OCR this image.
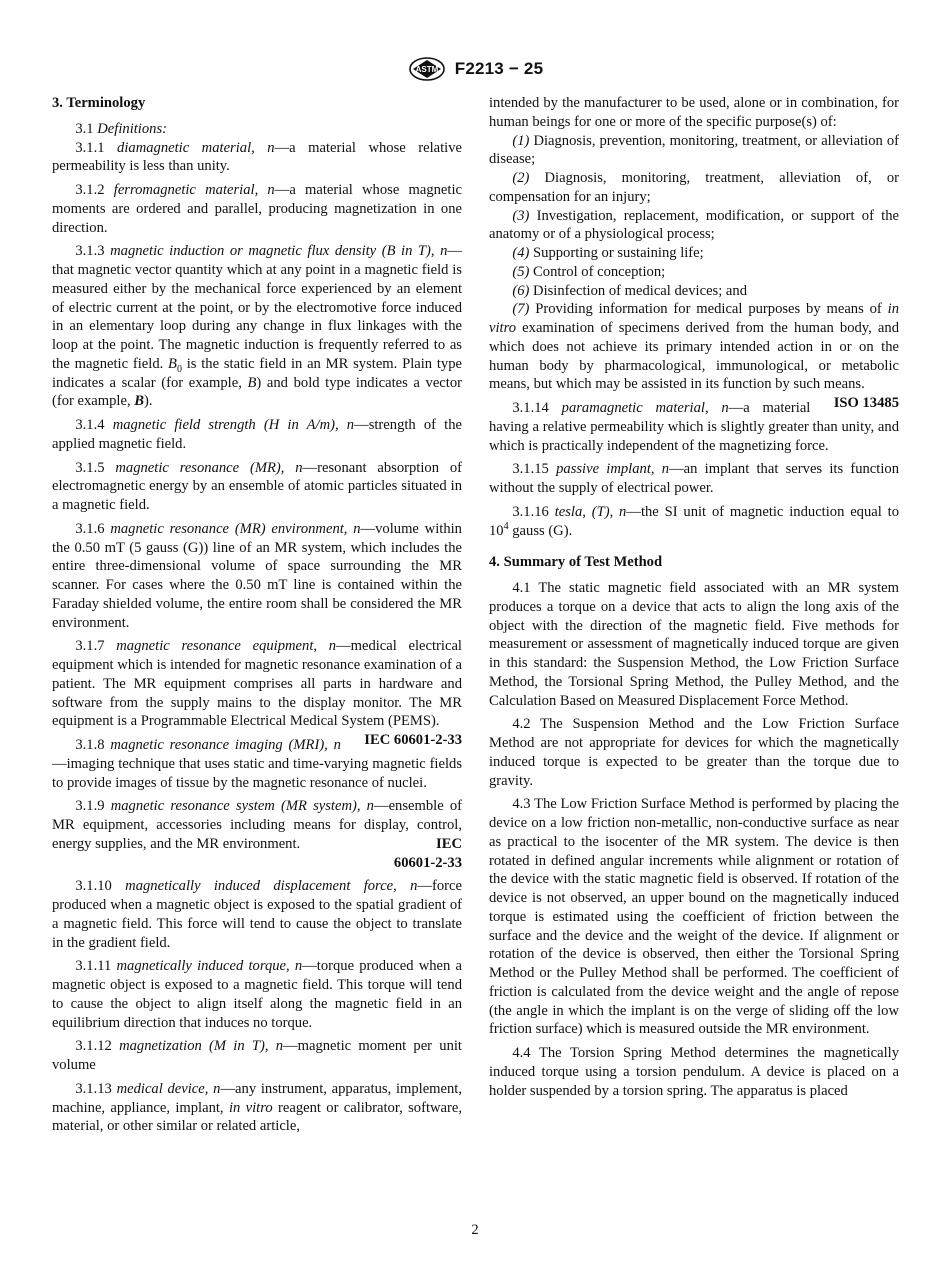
ASTM F2213 − 25
3. Terminology

3.1 Definitions:

3.1.1 diamagnetic material, n—a material whose relative permeability is less than unity.

3.1.2 ferromagnetic material, n—a material whose magnetic moments are ordered and parallel, producing magnetization in one direction.

3.1.3 magnetic induction or magnetic flux density (B in T), n—that magnetic vector quantity which at any point in a magnetic field is measured either by the mechanical force experienced by an element of electric current at the point, or by the electromotive force induced in an elementary loop during any change in flux linkages with the loop at the point. The magnetic induction is frequently referred to as the magnetic field. $B_0$ is the static field in an MR system. Plain type indicates a scalar (for example, B) and bold type indicates a vector (for example, B).

3.1.4 magnetic field strength (H in A/m), n—strength of the applied magnetic field.

3.1.5 magnetic resonance (MR), n—resonant absorption of electromagnetic energy by an ensemble of atomic particles situated in a magnetic field.

3.1.6 magnetic resonance (MR) environment, n—volume within the 0.50 mT (5 gauss (G)) line of an MR system, which includes the entire three-dimensional volume of space surrounding the MR scanner. For cases where the 0.50 mT line is contained within the Faraday shielded volume, the entire room shall be considered the MR environment.

3.1.7 magnetic resonance equipment, n—medical electrical equipment which is intended for magnetic resonance examination of a patient. The MR equipment comprises all parts in hardware and software from the supply mains to the display monitor. The MR equipment is a Programmable Electrical Medical System (PEMS).
IEC 60601-2-33

3.1.8 magnetic resonance imaging (MRI), n—imaging technique that uses static and time-varying magnetic fields to provide images of tissue by the magnetic resonance of nuclei.

3.1.9 magnetic resonance system (MR system), n—ensemble of MR equipment, accessories including means for display, control, energy supplies, and the MR environment.	IEC

60601-2-33

3.1.10 magnetically induced displacement force, n—force produced when a magnetic object is exposed to the spatial gradient of a magnetic field. This force will tend to cause the object to translate in the gradient field.

3.1.11 magnetically induced torque, n—torque produced when a magnetic object is exposed to a magnetic field. This torque will tend to cause the object to align itself along the magnetic field in an equilibrium direction that induces no torque.

3.1.12 magnetization (M in T), n—magnetic moment per unit volume

3.1.13 medical device, n—any instrument, apparatus, implement, machine, appliance, implant, in vitro reagent or calibrator, software, material, or other similar or related article,

intended by the manufacturer to be used, alone or in combination, for human beings for one or more of the specific purpose(s) of:

(1) Diagnosis, prevention, monitoring, treatment, or alleviation of disease;

(2) Diagnosis, monitoring, treatment, alleviation of, or compensation for an injury;

(3) Investigation, replacement, modification, or support of the anatomy or of a physiological process;

(4) Supporting or sustaining life;

(5) Control of conception;

(6) Disinfection of medical devices; and

(7) Providing information for medical purposes by means of in vitro examination of specimens derived from the human body, and which does not achieve its primary intended action in or on the human body by pharmacological, immunological, or metabolic means, but which may be assisted in its function by such means.
ISO 13485

3.1.14 paramagnetic material, n—a material having a relative permeability which is slightly greater than unity, and which is practically independent of the magnetizing force.

3.1.15 passive implant, n—an implant that serves its function without the supply of electrical power.

3.1.16 tesla, (T), n—the SI unit of magnetic induction equal to $10^4$ gauss (G).

4. Summary of Test Method

4.1 The static magnetic field associated with an MR system produces a torque on a device that acts to align the long axis of the object with the direction of the magnetic field. Five methods for measurement or assessment of magnetically induced torque are given in this standard: the Suspension Method, the Low Friction Surface Method, the Torsional Spring Method, the Pulley Method, and the Calculation Based on Measured Displacement Force Method.

4.2 The Suspension Method and the Low Friction Surface Method are not appropriate for devices for which the magnetically induced torque is expected to be greater than the torque due to gravity.

4.3 The Low Friction Surface Method is performed by placing the device on a low friction non-metallic, non-conductive surface as near as practical to the isocenter of the MR system. The device is then rotated in defined angular increments while alignment or rotation of the device with the static magnetic field is observed. If rotation of the device is not observed, an upper bound on the magnetically induced torque is estimated using the coefficient of friction between the surface and the device and the weight of the device. If alignment or rotation of the device is observed, then either the Torsional Spring Method or the Pulley Method shall be performed. The coefficient of friction is calculated from the device weight and the angle of repose (the angle in which the implant is on the verge of sliding off the low friction surface) which is measured outside the MR environment.

4.4 The Torsion Spring Method determines the magnetically induced torque using a torsion pendulum. A device is placed on a holder suspended by a torsion spring. The apparatus is placed

2
